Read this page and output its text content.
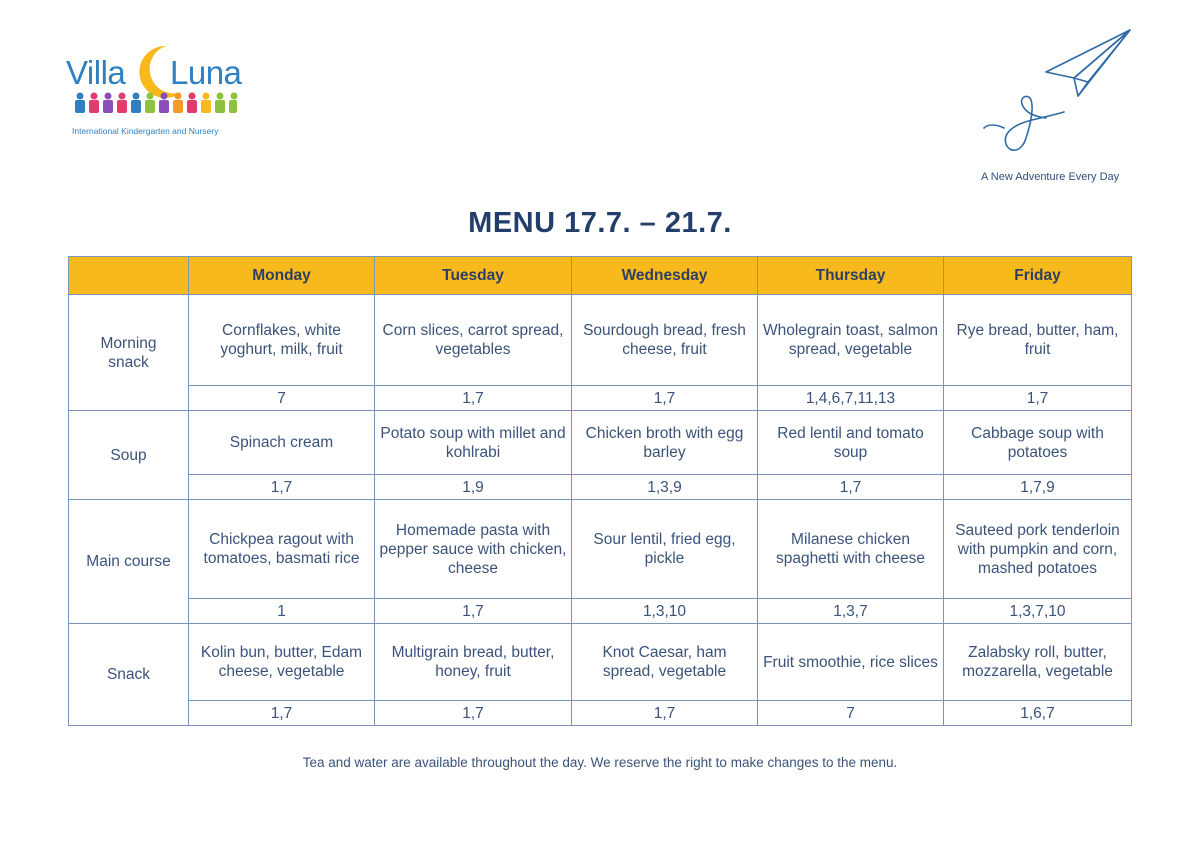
Villa Luna
International Kindergarten and Nursery
A New Adventure Every Day
MENU 17.7. – 21.7.
	Monday	Tuesday	Wednesday	Thursday	Friday
Morning snack	Cornflakes, white yoghurt, milk, fruit	Corn slices, carrot spread, vegetables	Sourdough bread, fresh cheese, fruit	Wholegrain toast, salmon spread, vegetable	Rye bread, butter, ham, fruit
	7	1,7	1,7	1,4,6,7,11,13	1,7
Soup	Spinach cream	Potato soup with millet and kohlrabi	Chicken broth with egg barley	Red lentil and tomato soup	Cabbage soup with potatoes
	1,7	1,9	1,3,9	1,7	1,7,9
Main course	Chickpea ragout with tomatoes, basmati rice	Homemade pasta with pepper sauce with chicken, cheese	Sour lentil, fried egg, pickle	Milanese chicken spaghetti with cheese	Sauteed pork tenderloin with pumpkin and corn, mashed potatoes
	1	1,7	1,3,10	1,3,7	1,3,7,10
Snack	Kolin bun, butter, Edam cheese, vegetable	Multigrain bread, butter, honey, fruit	Knot Caesar, ham spread, vegetable	Fruit smoothie, rice slices	Zalabsky roll, butter, mozzarella, vegetable
	1,7	1,7	1,7	7	1,6,7
Tea and water are available throughout the day. We reserve the right to make changes to the menu.
